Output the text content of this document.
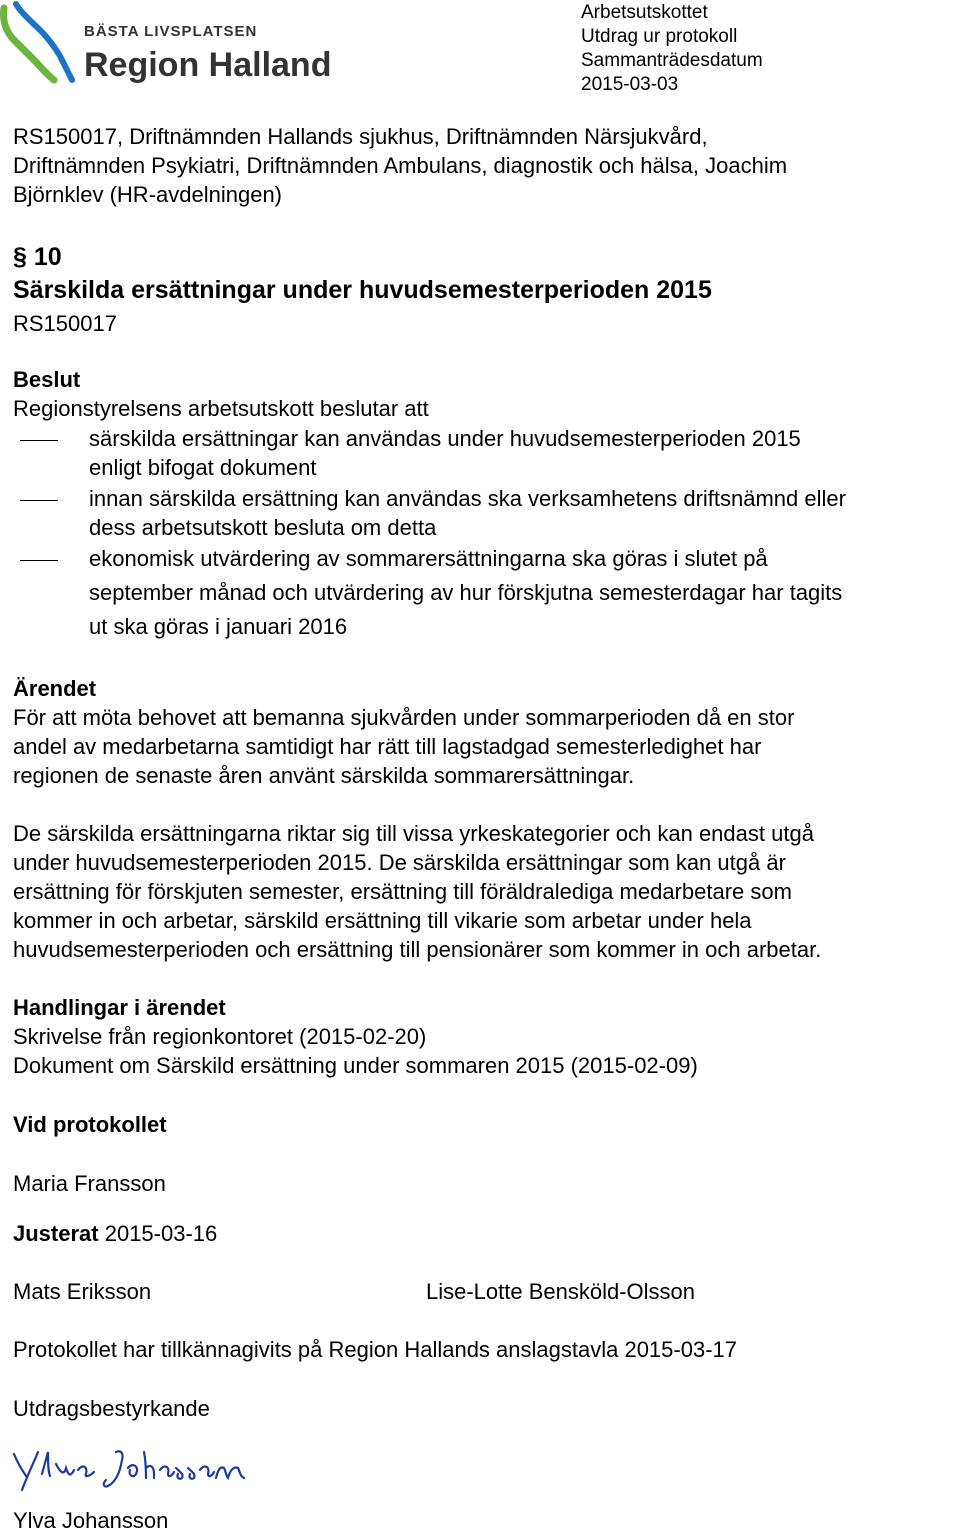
BÄSTA LIVSPLATSEN
Region Halland
Arbetsutskottet
Utdrag ur protokoll
Sammanträdesdatum
2015-03-03
RS150017, Driftnämnden Hallands sjukhus, Driftnämnden Närsjukvård,
Driftnämnden Psykiatri, Driftnämnden Ambulans, diagnostik och hälsa, Joachim
Björnklev (HR-avdelningen)
§ 10
Särskilda ersättningar under huvudsemesterperioden 2015
RS150017
Beslut
Regionstyrelsens arbetsutskott beslutar att
särskilda ersättningar kan användas under huvudsemesterperioden 2015
enligt bifogat dokument
innan särskilda ersättning kan användas ska verksamhetens driftsnämnd eller
dess arbetsutskott besluta om detta
ekonomisk utvärdering av sommarersättningarna ska göras i slutet på
september månad och utvärdering av hur förskjutna semesterdagar har tagits
ut ska göras i januari 2016
Ärendet
För att möta behovet att bemanna sjukvården under sommarperioden då en stor
andel av medarbetarna samtidigt har rätt till lagstadgad semesterledighet har
regionen de senaste åren använt särskilda sommarersättningar.
De särskilda ersättningarna riktar sig till vissa yrkeskategorier och kan endast utgå
under huvudsemesterperioden 2015. De särskilda ersättningar som kan utgå är
ersättning för förskjuten semester, ersättning till föräldralediga medarbetare som
kommer in och arbetar, särskild ersättning till vikarie som arbetar under hela
huvudsemesterperioden och ersättning till pensionärer som kommer in och arbetar.
Handlingar i ärendet
Skrivelse från regionkontoret (2015-02-20)
Dokument om Särskild ersättning under sommaren 2015 (2015-02-09)
Vid protokollet
Maria Fransson
Justerat 2015-03-16
Mats Eriksson	Lise-Lotte Bensköld-Olsson
Protokollet har tillkännagivits på Region Hallands anslagstavla 2015-03-17
Utdragsbestyrkande
Ylva Johansson
